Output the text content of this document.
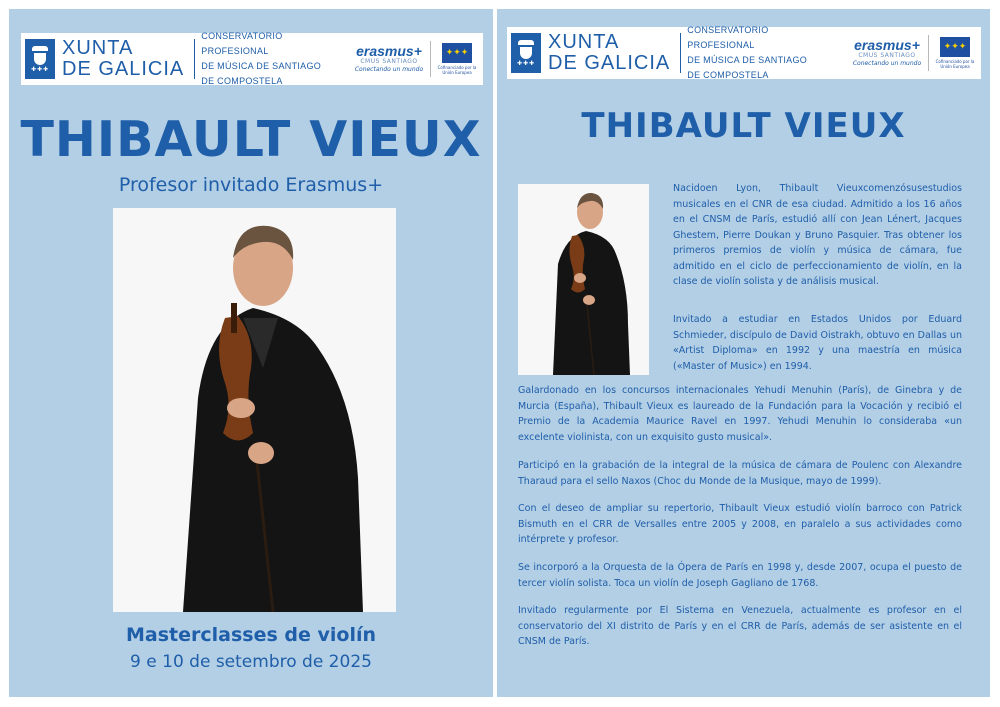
✚✚✚
XUNTA
DE GALICIA
CONSERVATORIO PROFESIONAL
DE MÚSICA DE SANTIAGO
DE COMPOSTELA
erasmus+
CMUS SANTIAGO
Conectando un mundo
✦✦✦
Cofinanciado por la Unión Europea
THIBAULT VIEUX
Profesor invitado Erasmus+
Masterclasses de violín
9 e 10 de setembro de 2025
✚✚✚
XUNTA
DE GALICIA
CONSERVATORIO PROFESIONAL
DE MÚSICA DE SANTIAGO
DE COMPOSTELA
erasmus+
CMUS SANTIAGO
Conectando un mundo
✦✦✦
Cofinanciado por la Unión Europea
THIBAULT VIEUX

Nacidoen Lyon, Thibault Vieuxcomenzósusestudios musicales en el CNR de esa ciudad. Admitido a los 16 años en el CNSM de París, estudió allí con Jean Lénert, Jacques Ghestem, Pierre Doukan y Bruno Pasquier. Tras obtener los primeros premios de violín y música de cámara, fue admitido en el ciclo de perfeccionamiento de violín, en la clase de violín solista y de análisis musical.

Invitado a estudiar en Estados Unidos por Eduard Schmieder, discípulo de David Oistrakh, obtuvo en Dallas un «Artist Diploma» en 1992 y una maestría en música («Master of Music») en 1994.

Galardonado en los concursos internacionales Yehudi Menuhin (París), de Ginebra y de Murcia (España), Thibault Vieux es laureado de la Fundación para la Vocación y recibió el Premio de la Academia Maurice Ravel en 1997. Yehudi Menuhin lo consideraba «un excelente violinista, con un exquisito gusto musical».

Participó en la grabación de la integral de la música de cámara de Poulenc con Alexandre Tharaud para el sello Naxos (Choc du Monde de la Musique, mayo de 1999).

Con el deseo de ampliar su repertorio, Thibault Vieux estudió violín barroco con Patrick Bismuth en el CRR de Versalles entre 2005 y 2008, en paralelo a sus actividades como intérprete y profesor.

Se incorporó a la Orquesta de la Ópera de París en 1998 y, desde 2007, ocupa el puesto de tercer violín solista. Toca un violín de Joseph Gagliano de 1768.

Invitado regularmente por El Sistema en Venezuela, actualmente es profesor en el conservatorio del XI distrito de París y en el CRR de París, además de ser asistente en el CNSM de París.
